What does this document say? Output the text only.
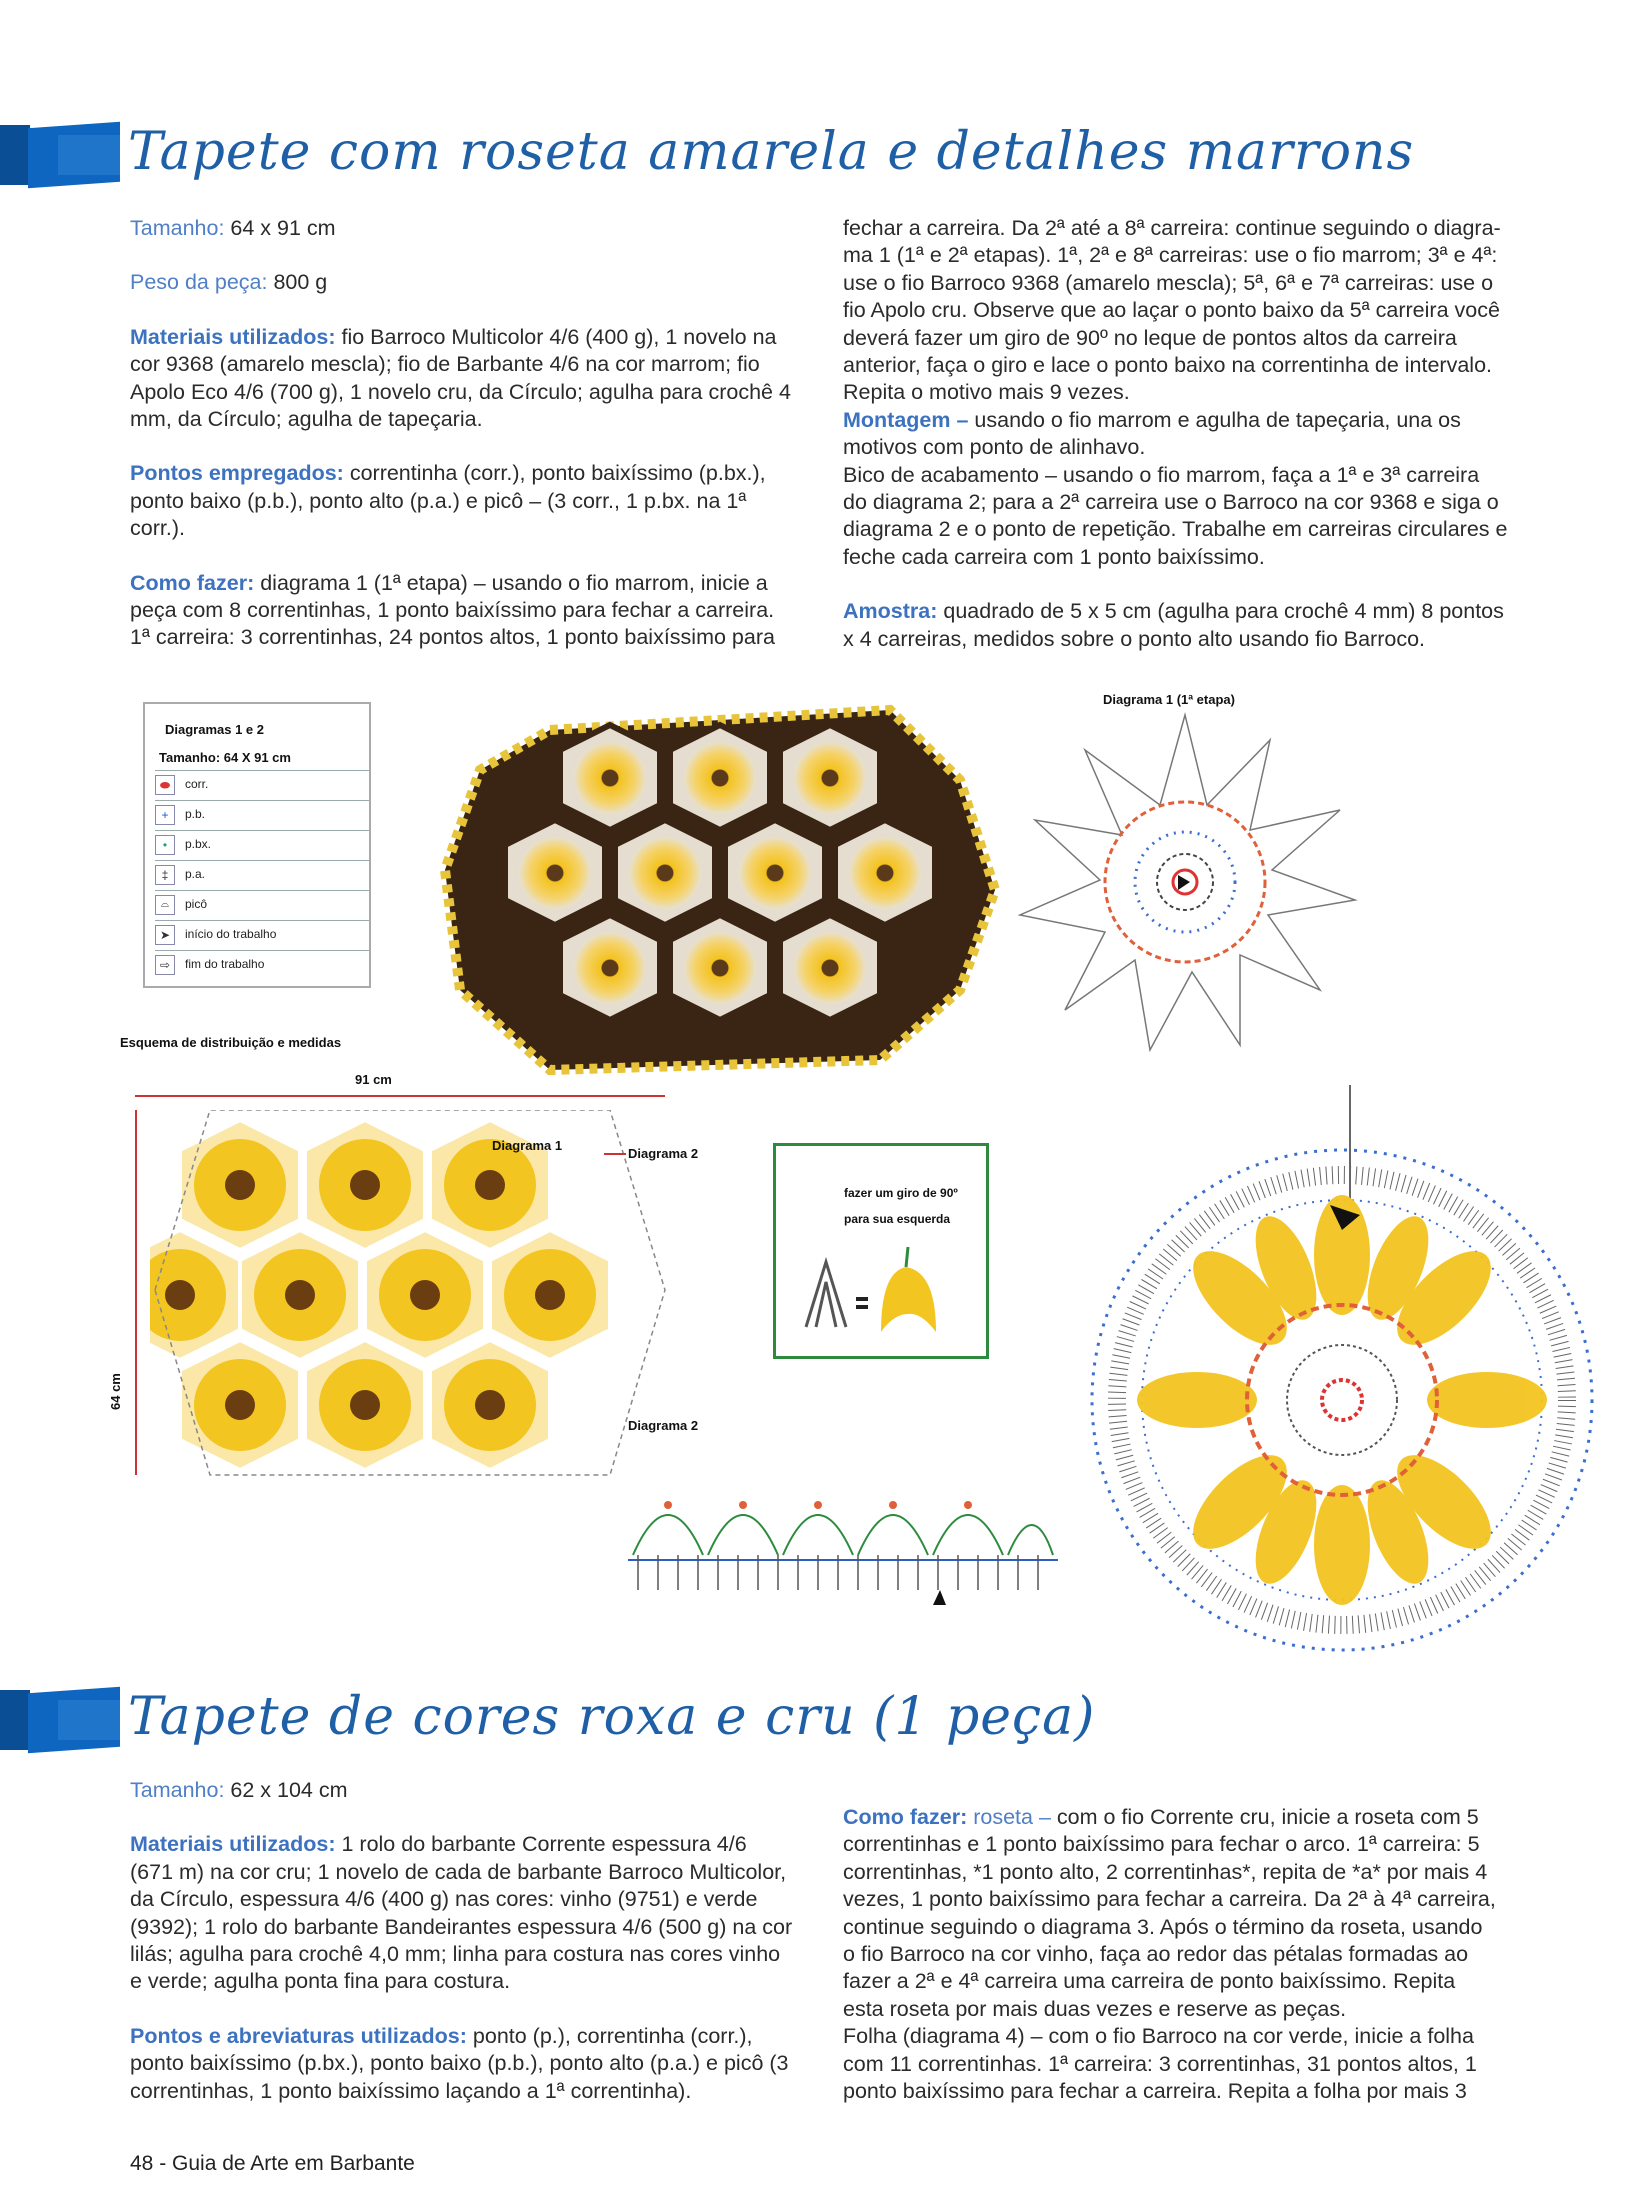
Tapete com roseta amarela e detalhes marrons

Tamanho: 64 x 91 cm

Peso da peça: 800 g

Materiais utilizados: fio Barroco Multicolor 4/6 (400 g), 1 novelo na
cor 9368 (amarelo mescla); fio de Barbante 4/6 na cor marrom; fio
Apolo Eco 4/6 (700 g), 1 novelo cru, da Círculo; agulha para crochê 4
mm, da Círculo; agulha de tapeçaria.

Pontos empregados: correntinha (corr.), ponto baixíssimo (p.bx.),
ponto baixo (p.b.), ponto alto (p.a.) e picô – (3 corr., 1 p.bx. na 1ª
corr.).

Como fazer: diagrama 1 (1ª etapa) – usando o fio marrom, inicie a
peça com 8 correntinhas, 1 ponto baixíssimo para fechar a carreira.
1ª carreira: 3 correntinhas, 24 pontos altos, 1 ponto baixíssimo para

fechar a carreira. Da 2ª até a 8ª carreira: continue seguindo o diagra-
ma 1 (1ª e 2ª etapas). 1ª, 2ª e 8ª carreiras: use o fio marrom; 3ª e 4ª:
use o fio Barroco 9368 (amarelo mescla); 5ª, 6ª e 7ª carreiras: use o
fio Apolo cru. Observe que ao laçar o ponto baixo da 5ª carreira você
deverá fazer um giro de 90º no leque de pontos altos da carreira
anterior, faça o giro e lace o ponto baixo na correntinha de intervalo.
Repita o motivo mais 9 vezes.

Montagem – usando o fio marrom e agulha de tapeçaria, una os
motivos com ponto de alinhavo.

Bico de acabamento – usando o fio marrom, faça a 1ª e 3ª carreira
do diagrama 2; para a 2ª carreira use o Barroco na cor 9368 e siga o
diagrama 2 e o ponto de repetição. Trabalhe em carreiras circulares e
feche cada carreira com 1 ponto baixíssimo.

Amostra: quadrado de 5 x 5 cm (agulha para crochê 4 mm) 8 pontos
x 4 carreiras, medidos sobre o ponto alto usando fio Barroco.

Diagramas 1 e 2
Tamanho: 64 X 91 cm
⬬	corr.
+	p.b.
•	p.bx.
‡	p.a.
⌓	picô
➤	início do trabalho
⇨	fim do trabalho
Diagrama 1 (1ª etapa)
Esquema de distribuição e medidas
91 cm
64 cm
Diagrama 1
Diagrama 2
Diagrama 2
fazer um giro de 90º
para sua esquerda
Tapete de cores roxa e cru (1 peça)

Tamanho: 62 x 104 cm

Materiais utilizados: 1 rolo do barbante Corrente espessura 4/6
(671 m) na cor cru; 1 novelo de cada de barbante Barroco Multicolor,
da Círculo, espessura 4/6 (400 g) nas cores: vinho (9751) e verde
(9392); 1 rolo do barbante Bandeirantes espessura 4/6 (500 g) na cor
lilás; agulha para crochê 4,0 mm; linha para costura nas cores vinho
e verde; agulha ponta fina para costura.

Pontos e abreviaturas utilizados: ponto (p.), correntinha (corr.),
ponto baixíssimo (p.bx.), ponto baixo (p.b.), ponto alto (p.a.) e picô (3
correntinhas, 1 ponto baixíssimo laçando a 1ª correntinha).

Como fazer: roseta – com o fio Corrente cru, inicie a roseta com 5
correntinhas e 1 ponto baixíssimo para fechar o arco. 1ª carreira: 5
correntinhas, *1 ponto alto, 2 correntinhas*, repita de *a* por mais 4
vezes, 1 ponto baixíssimo para fechar a carreira. Da 2ª à 4ª carreira,
continue seguindo o diagrama 3. Após o término da roseta, usando
o fio Barroco na cor vinho, faça ao redor das pétalas formadas ao
fazer a 2ª e 4ª carreira uma carreira de ponto baixíssimo. Repita
esta roseta por mais duas vezes e reserve as peças.
Folha (diagrama 4) – com o fio Barroco na cor verde, inicie a folha
com 11 correntinhas. 1ª carreira: 3 correntinhas, 31 pontos altos, 1
ponto baixíssimo para fechar a carreira. Repita a folha por mais 3

48 - Guia de Arte em Barbante
